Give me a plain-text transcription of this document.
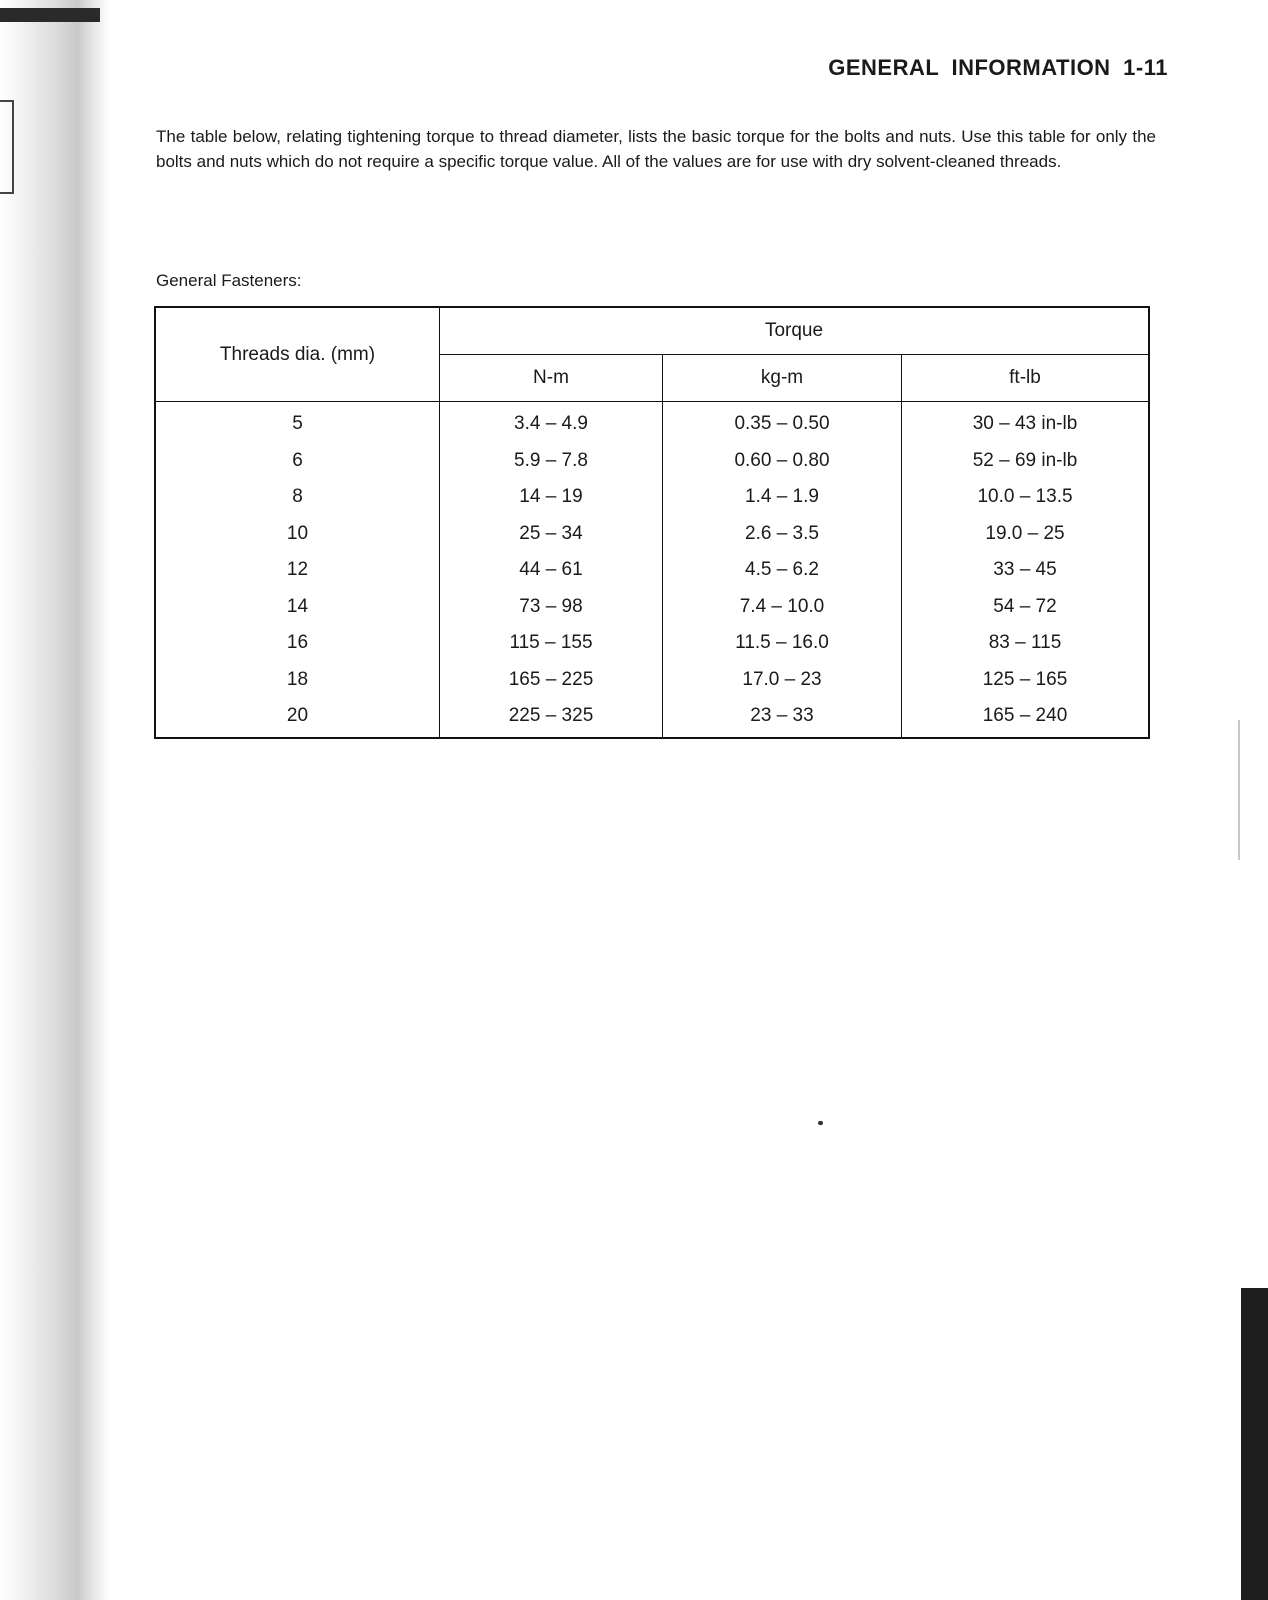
GENERAL INFORMATION 1-11

The table below, relating tightening torque to thread diameter, lists the basic torque for the bolts and nuts. Use this table for only the bolts and nuts which do not require a specific torque value. All of the values are for use with dry solvent-cleaned threads.

General Fasteners:
Threads dia. (mm)	Torque		
	N-m	kg-m	ft-lb
5	3.4 – 4.9	0.35 – 0.50	30 – 43 in-lb
6	5.9 – 7.8	0.60 – 0.80	52 – 69 in-lb
8	14 – 19	1.4 – 1.9	10.0 – 13.5
10	25 – 34	2.6 – 3.5	19.0 – 25
12	44 – 61	4.5 – 6.2	33 – 45
14	73 – 98	7.4 – 10.0	54 – 72
16	115 – 155	11.5 – 16.0	83 – 115
18	165 – 225	17.0 – 23	125 – 165
20	225 – 325	23 – 33	165 – 240
